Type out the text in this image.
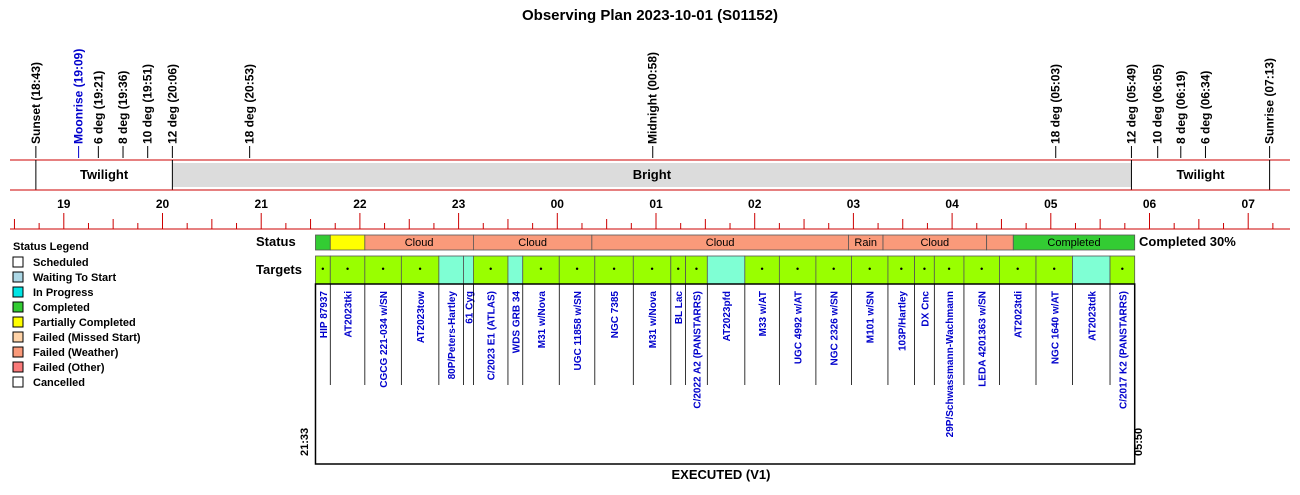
Observing Plan 2023-10-01 (S01152)
Sunset (18:43) Moonrise (19:09) 6 deg (19:21) 8 deg (19:36) 10 deg (19:51) 12 deg (20:06)	18 deg (20:53)	Midnight (00:58)	18 deg (05:03)	12 deg (05:49) 10 deg (06:05) 8 deg (06:19) 6 deg (06:34)	Sunrise (07:13)
Twilight	Bright	Twilight
19	20	21	22	23	00	01	02	03	04	05	06	07
Status
Targets
Cloud	Cloud	Cloud	Rain	Cloud	Completed	Completed 30%
•
HIP 87937
•
AT2023tki
•
CGCG 221-034 w/SN
•
AT2023tow 80P/Peters-Hartley 61 Cyg
•
C/2023 E1 (ATLAS) WDS GRB 34
•
M31 w/Nova
•
UGC 11858 w/SN
•
NGC 7385
•
M31 w/Nova
•
BL Lac
•
C/2022 A2 (PANSTARRS) AT2023pfd
•
M33 w/AT
•
UGC 4992 w/AT
•
NGC 2326 w/SN
•
M101 w/SN
•
103P/Hartley
•
DX Cnc
•
29P/Schwassmann-Wachmann
•
LEDA 4201363 w/SN
•
AT2023tdi
•
NGC 1640 w/AT	AT2023tdk
•
C/2017 K2 (PANSTARRS)
21:33	05:50
EXECUTED (V1)
Status Legend
Scheduled
Waiting To Start
In Progress
Completed
Partially Completed
Failed (Missed Start)
Failed (Weather)
Failed (Other)
Cancelled
